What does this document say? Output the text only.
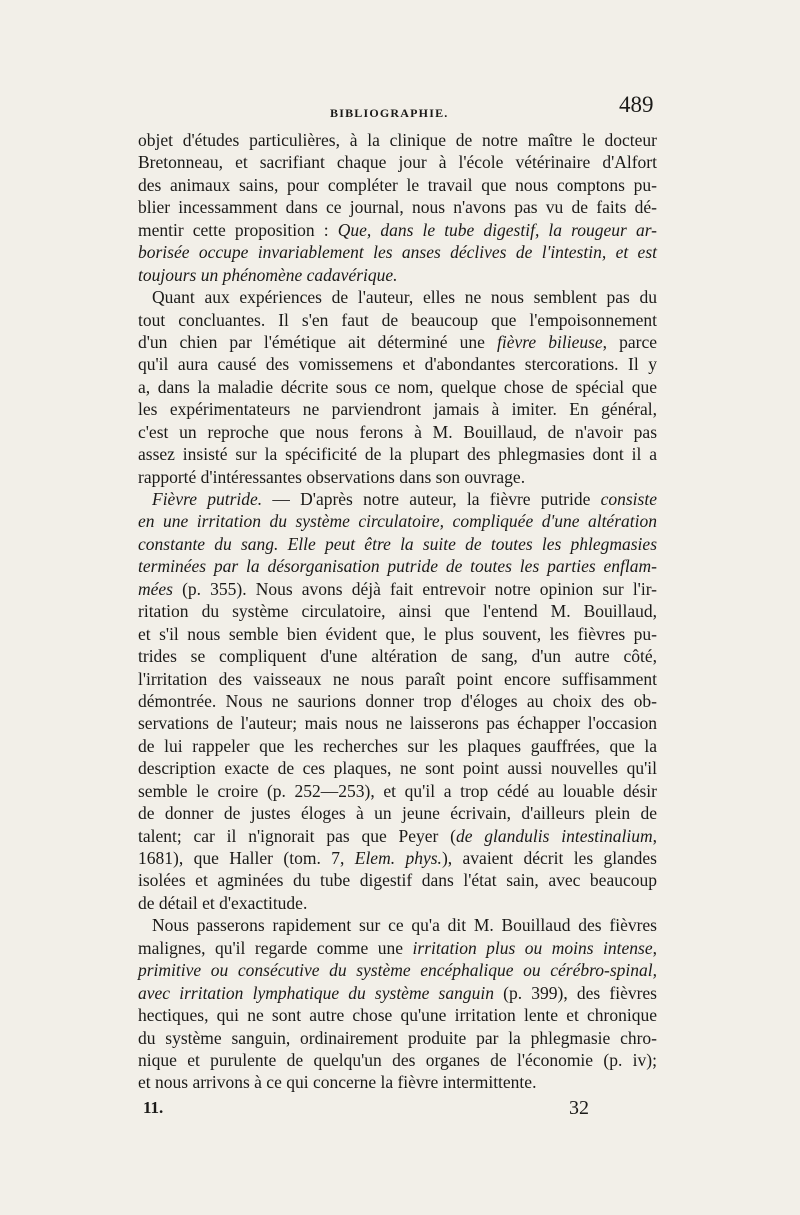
BIBLIOGRAPHIE.	489
objet d'études particulières, à la clinique de notre maître le docteur
Bretonneau, et sacrifiant chaque jour à l'école vétérinaire d'Alfort
des animaux sains, pour compléter le travail que nous comptons pu-
blier incessamment dans ce journal, nous n'avons pas vu de faits dé-
mentir cette proposition : Que, dans le tube digestif, la rougeur ar-
borisée occupe invariablement les anses déclives de l'intestin, et est
toujours un phénomène cadavérique.
Quant aux expériences de l'auteur, elles ne nous semblent pas du
tout concluantes. Il s'en faut de beaucoup que l'empoisonnement
d'un chien par l'émétique ait déterminé une fièvre bilieuse, parce
qu'il aura causé des vomissemens et d'abondantes stercorations. Il y
a, dans la maladie décrite sous ce nom, quelque chose de spécial que
les expérimentateurs ne parviendront jamais à imiter. En général,
c'est un reproche que nous ferons à M. Bouillaud, de n'avoir pas
assez insisté sur la spécificité de la plupart des phlegmasies dont il a
rapporté d'intéressantes observations dans son ouvrage.
Fièvre putride. — D'après notre auteur, la fièvre putride consiste
en une irritation du système circulatoire, compliquée d'une altération
constante du sang. Elle peut être la suite de toutes les phlegmasies
terminées par la désorganisation putride de toutes les parties enflam-
mées (p. 355). Nous avons déjà fait entrevoir notre opinion sur l'ir-
ritation du système circulatoire, ainsi que l'entend M. Bouillaud,
et s'il nous semble bien évident que, le plus souvent, les fièvres pu-
trides se compliquent d'une altération de sang, d'un autre côté,
l'irritation des vaisseaux ne nous paraît point encore suffisamment
démontrée. Nous ne saurions donner trop d'éloges au choix des ob-
servations de l'auteur; mais nous ne laisserons pas échapper l'occasion
de lui rappeler que les recherches sur les plaques gauffrées, que la
description exacte de ces plaques, ne sont point aussi nouvelles qu'il
semble le croire (p. 252—253), et qu'il a trop cédé au louable désir
de donner de justes éloges à un jeune écrivain, d'ailleurs plein de
talent; car il n'ignorait pas que Peyer (de glandulis intestinalium,
1681), que Haller (tom. 7, Elem. phys.), avaient décrit les glandes
isolées et agminées du tube digestif dans l'état sain, avec beaucoup
de détail et d'exactitude.
Nous passerons rapidement sur ce qu'a dit M. Bouillaud des fièvres
malignes, qu'il regarde comme une irritation plus ou moins intense,
primitive ou consécutive du système encéphalique ou cérébro-spinal,
avec irritation lymphatique du système sanguin (p. 399), des fièvres
hectiques, qui ne sont autre chose qu'une irritation lente et chronique
du système sanguin, ordinairement produite par la phlegmasie chro-
nique et purulente de quelqu'un des organes de l'économie (p. iv);
et nous arrivons à ce qui concerne la fièvre intermittente.
11.	32
